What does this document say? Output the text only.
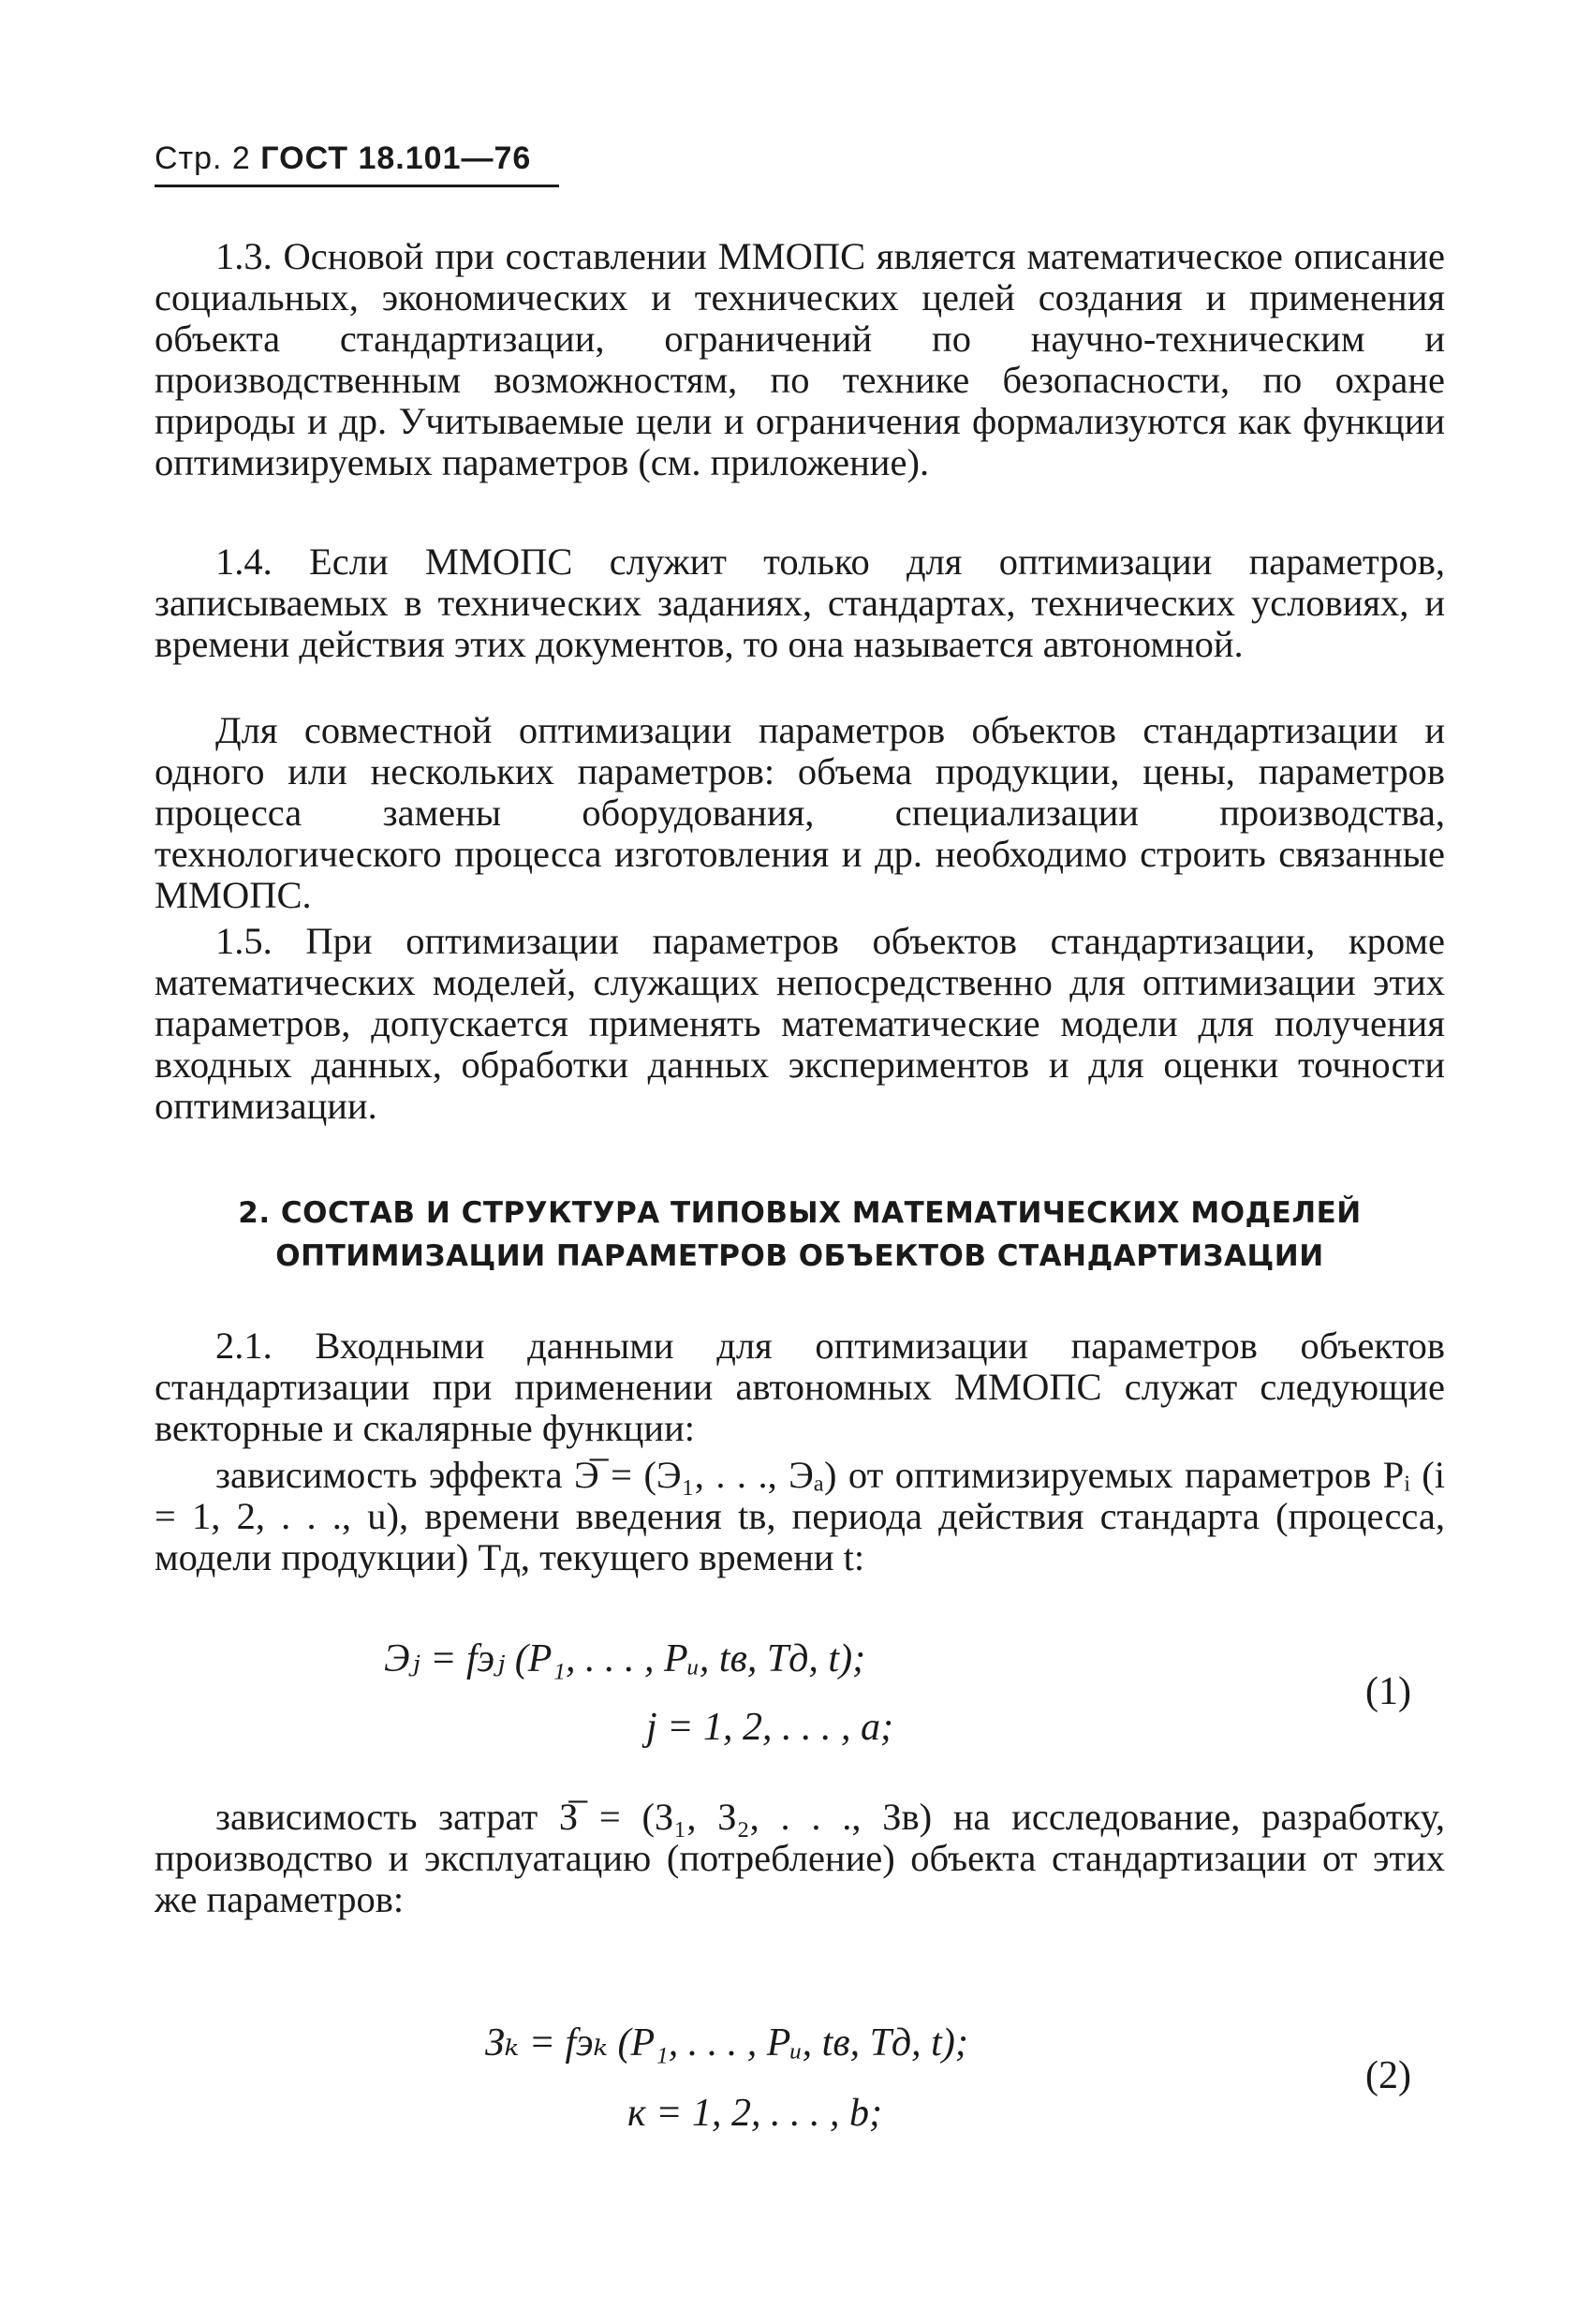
Стр. 2 ГОСТ 18.101—76
1.3. Основой при составлении ММОПС является математическое описание социальных, экономических и технических целей создания и применения объекта стандартизации, ограничений по научно-техническим и производственным возможностям, по технике безопасности, по охране природы и др. Учитываемые цели и ограничения формализуются как функции оптимизируемых параметров (см. приложение).
1.4. Если ММОПС служит только для оптимизации параметров, записываемых в технических заданиях, стандартах, технических условиях, и времени действия этих документов, то она называется автономной.
Для совместной оптимизации параметров объектов стандартизации и одного или нескольких параметров: объема продукции, цены, параметров процесса замены оборудования, специализации производства, технологического процесса изготовления и др. необходимо строить связанные ММОПС.
1.5. При оптимизации параметров объектов стандартизации, кроме математических моделей, служащих непосредственно для оптимизации этих параметров, допускается применять математические модели для получения входных данных, обработки данных экспериментов и для оценки точности оптимизации.
2. СОСТАВ И СТРУКТУРА ТИПОВЫХ МАТЕМАТИЧЕСКИХ МОДЕЛЕЙ
ОПТИМИЗАЦИИ ПАРАМЕТРОВ ОБЪЕКТОВ СТАНДАРТИЗАЦИИ
2.1. Входными данными для оптимизации параметров объектов стандартизации при применении автономных ММОПС служат следующие векторные и скалярные функции:
зависимость эффекта Э̅ = (Э₁, . . ., Эₐ) от оптимизируемых параметров Pᵢ (i = 1, 2, . . ., u), времени введения tв, периода действия стандарта (процесса, модели продукции) Tд, текущего времени t:
Эⱼ = fэⱼ (P₁, . . . , Pᵤ, tв, Tд, t);
j = 1, 2, . . . , a;
(1)
зависимость затрат З̅ = (З₁, З₂, . . ., Зв) на исследование, разработку, производство и эксплуатацию (потребление) объекта стандартизации от этих же параметров:
Зₖ = fэₖ (P₁, . . . , Pᵤ, tв, Tд, t);
к = 1, 2, . . . , b;
(2)
